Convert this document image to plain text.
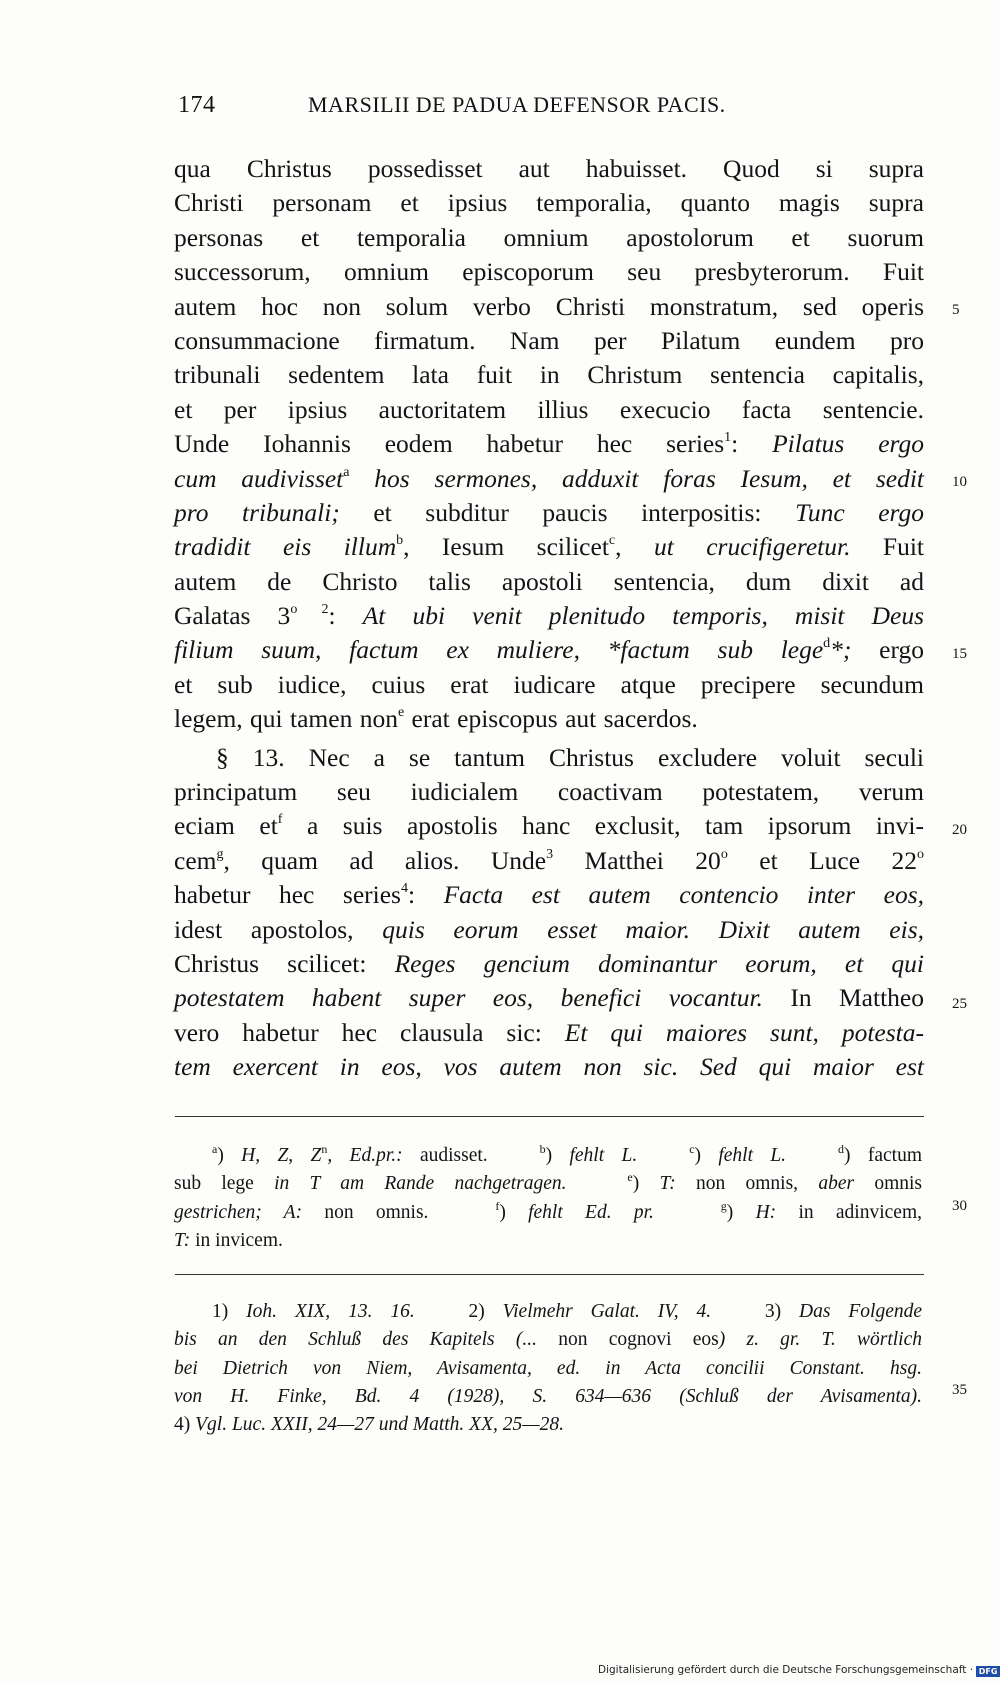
174	MARSILII DE PADUA DEFENSOR PACIS.
qua Christus possedisset aut habuisset. Quod si supra
Christi personam et ipsius temporalia, quanto magis supra
personas et temporalia omnium apostolorum et suorum
successorum, omnium episcoporum seu presbyterorum. Fuit
autem hoc non solum verbo Christi monstratum, sed operis
consummacione firmatum. Nam per Pilatum eundem pro
tribunali sedentem lata fuit in Christum sentencia capitalis,
et per ipsius auctoritatem illius execucio facta sentencie.
Unde Iohannis eodem habetur hec series$^1$: Pilatus ergo
cum audivisset$^a$ hos sermones, adduxit foras Iesum, et sedit
pro tribunali; et subditur paucis interpositis: Tunc ergo
tradidit eis illum$^b$, Iesum scilicet$^c$, ut crucifigeretur. Fuit
autem de Christo talis apostoli sentencia, dum dixit ad
Galatas $3^{o 2}$: At ubi venit plenitudo temporis, misit Deus
filium suum, factum ex muliere, *factum sub lege$^d$*; ergo
et sub iudice, cuius erat iudicare atque precipere secundum
legem, qui tamen non$^e$ erat episcopus aut sacerdos.
§ 13. Nec a se tantum Christus excludere voluit seculi
principatum seu iudicialem coactivam potestatem, verum
eciam $et^f$ a suis apostolis hanc exclusit, tam ipsorum invi-
cem$^g$, quam ad alios. Unde$^3$ Matthei 20$^o$ et Luce 22$^o$
habetur hec series$^4$: Facta est autem contencio inter eos,
idest apostolos, quis eorum esset maior. Dixit autem eis,
Christus scilicet: Reges gencium dominantur eorum, et qui
potestatem habent super eos, benefici vocantur. In Mattheo
vero habetur hec clausula sic: Et qui maiores sunt, potesta-
tem exercent in eos, vos autem non sic. Sed qui maior est
5
10
15
20
25
30
35
$^a$) H, Z, $Z^n$, Ed.pr.: audisset.	$^b$) fehlt L.	$^c$) fehlt L.	$^d$) factum
sub lege in T am Rande nachgetragen.	$^e$) T: non omnis, aber omnis
gestrichen; A: non omnis.	$^f$) fehlt Ed. pr.	$^g$) H: in adinvicem,
T: in invicem.
1) Ioh. XIX, 13. 16.	2) Vielmehr Galat. IV, 4.	3) Das Folgende
bis an den Schluß des Kapitels (... non cognovi eos) z. gr. T. wörtlich
bei Dietrich von Niem, Avisamenta, ed. in Acta concilii Constant. hsg.
von H. Finke, Bd. 4 (1928), S. 634—636 (Schluß der Avisamenta).
4) Vgl. Luc. XXII, 24—27 und Matth. XX, 25—28.
Digitalisierung gefördert durch die Deutsche Forschungsgemeinschaft · DFG
